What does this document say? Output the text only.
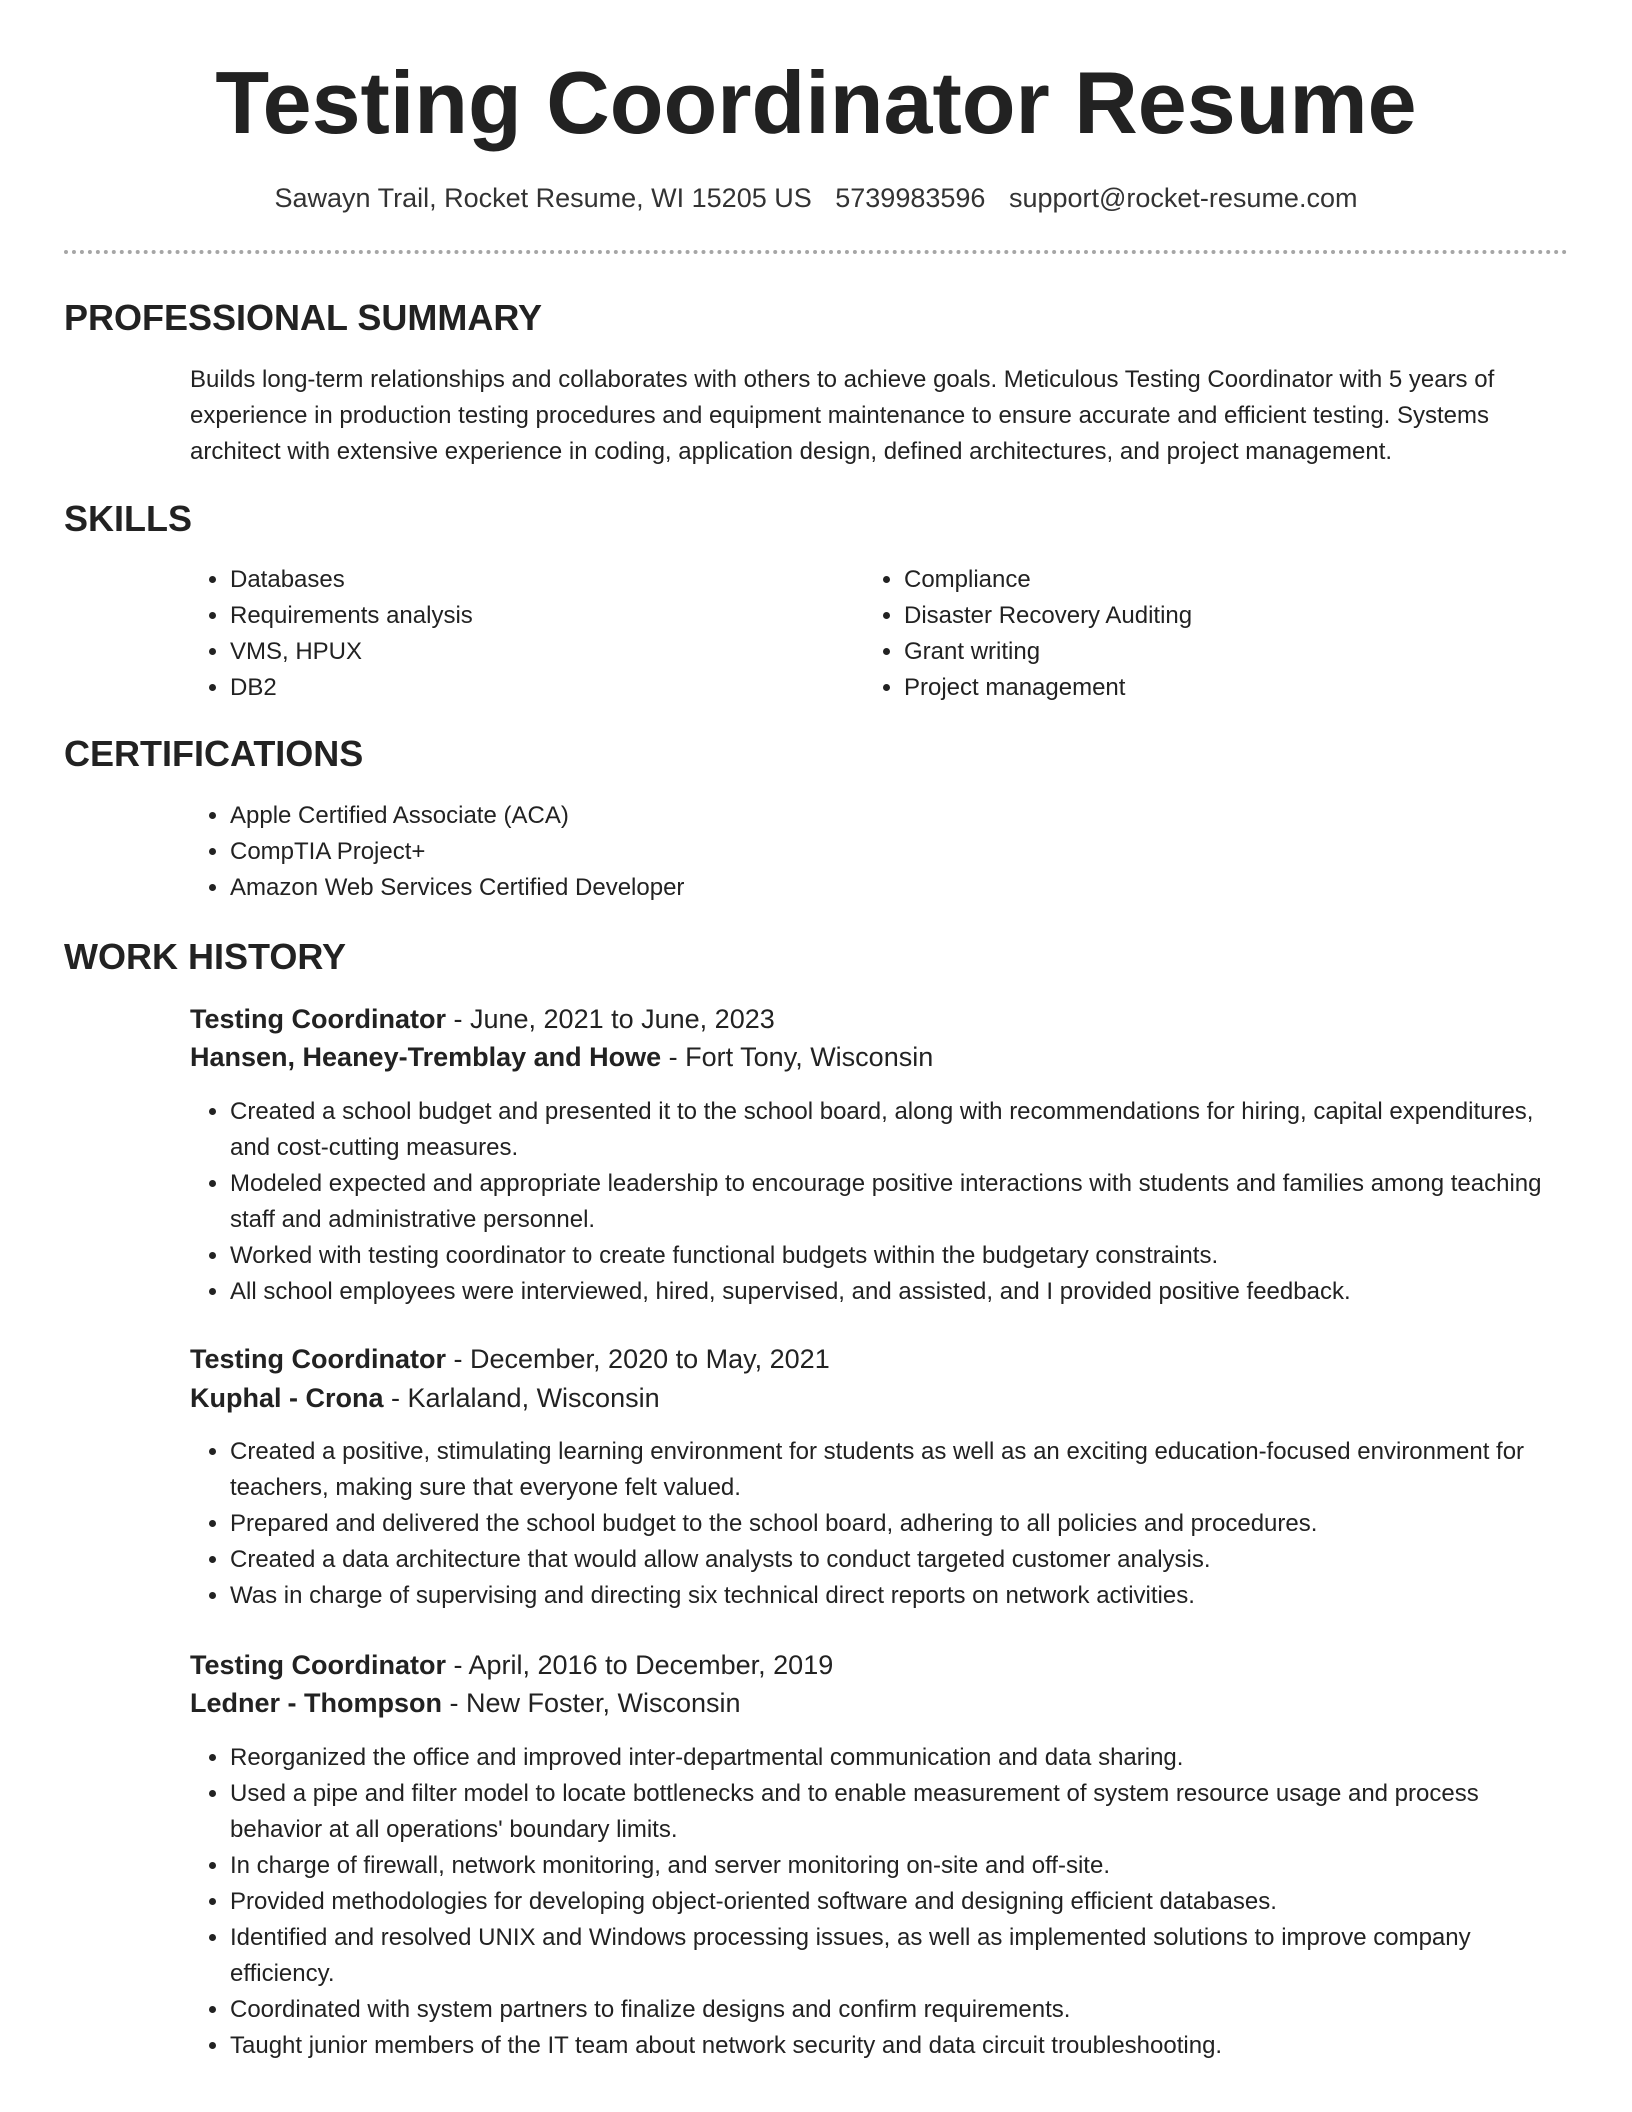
Testing Coordinator Resume
Sawayn Trail, Rocket Resume, WI 15205 US 5739983596 support@rocket-resume.com
PROFESSIONAL SUMMARY

Builds long-term relationships and collaborates with others to achieve goals. Meticulous Testing Coordinator with 5 years of experience in production testing procedures and equipment maintenance to ensure accurate and efficient testing. Systems architect with extensive experience in coding, application design, defined architectures, and project management.

SKILLS
• Databases
• Requirements analysis
• VMS, HPUX
• DB2
• Compliance
• Disaster Recovery Auditing
• Grant writing
• Project management
CERTIFICATIONS
• Apple Certified Associate (ACA)
• CompTIA Project+
• Amazon Web Services Certified Developer
WORK HISTORY
Testing Coordinator - June, 2021 to June, 2023
Hansen, Heaney-Tremblay and Howe - Fort Tony, Wisconsin
• Created a school budget and presented it to the school board, along with recommendations for hiring, capital expenditures, and cost-cutting measures.
• Modeled expected and appropriate leadership to encourage positive interactions with students and families among teaching staff and administrative personnel.
• Worked with testing coordinator to create functional budgets within the budgetary constraints.
• All school employees were interviewed, hired, supervised, and assisted, and I provided positive feedback.
Testing Coordinator - December, 2020 to May, 2021
Kuphal - Crona - Karlaland, Wisconsin
• Created a positive, stimulating learning environment for students as well as an exciting education-focused environment for teachers, making sure that everyone felt valued.
• Prepared and delivered the school budget to the school board, adhering to all policies and procedures.
• Created a data architecture that would allow analysts to conduct targeted customer analysis.
• Was in charge of supervising and directing six technical direct reports on network activities.
Testing Coordinator - April, 2016 to December, 2019
Ledner - Thompson - New Foster, Wisconsin
• Reorganized the office and improved inter-departmental communication and data sharing.
• Used a pipe and filter model to locate bottlenecks and to enable measurement of system resource usage and process behavior at all operations' boundary limits.
• In charge of firewall, network monitoring, and server monitoring on-site and off-site.
• Provided methodologies for developing object-oriented software and designing efficient databases.
• Identified and resolved UNIX and Windows processing issues, as well as implemented solutions to improve company efficiency.
• Coordinated with system partners to finalize designs and confirm requirements.
• Taught junior members of the IT team about network security and data circuit troubleshooting.
